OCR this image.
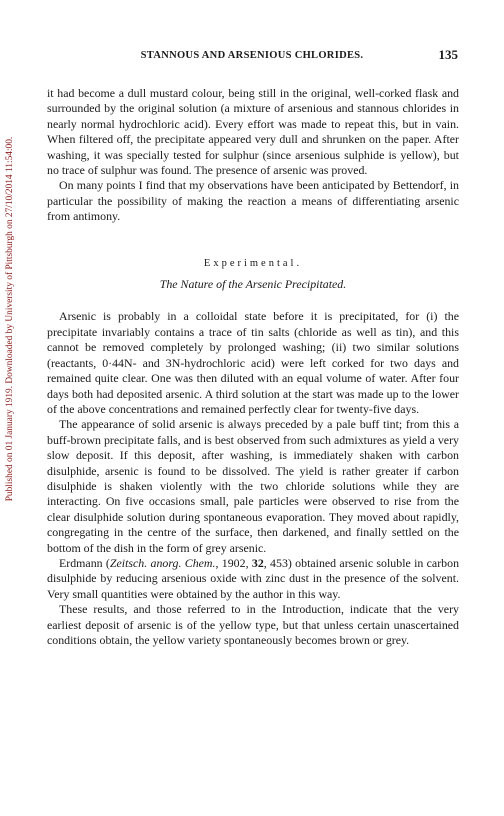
Published on 01 January 1919. Downloaded by University of Pittsburgh on 27/10/2014 11:54:00.
STANNOUS AND ARSENIOUS CHLORIDES.	135

it had become a dull mustard colour, being still in the original, well-corked flask and surrounded by the original solution (a mixture of arsenious and stannous chlorides in nearly normal hydrochloric acid). Every effort was made to repeat this, but in vain. When filtered off, the precipitate appeared very dull and shrunken on the paper. After washing, it was specially tested for sulphur (since arsenious sulphide is yellow), but no trace of sulphur was found. The presence of arsenic was proved.

On many points I find that my observations have been anticipated by Bettendorf, in particular the possibility of making the reaction a means of differentiating arsenic from antimony.

Experimental.
The Nature of the Arsenic Precipitated.

Arsenic is probably in a colloidal state before it is precipitated, for (i) the precipitate invariably contains a trace of tin salts (chloride as well as tin), and this cannot be removed completely by prolonged washing; (ii) two similar solutions (reactants, 0·44N- and 3N-hydrochloric acid) were left corked for two days and remained quite clear. One was then diluted with an equal volume of water. After four days both had deposited arsenic. A third solution at the start was made up to the lower of the above concentrations and remained perfectly clear for twenty-five days.

The appearance of solid arsenic is always preceded by a pale buff tint; from this a buff-brown precipitate falls, and is best observed from such admixtures as yield a very slow deposit. If this deposit, after washing, is immediately shaken with carbon disulphide, arsenic is found to be dissolved. The yield is rather greater if carbon disulphide is shaken violently with the two chloride solutions while they are interacting. On five occasions small, pale particles were observed to rise from the clear disulphide solution during spontaneous evaporation. They moved about rapidly, congregating in the centre of the surface, then darkened, and finally settled on the bottom of the dish in the form of grey arsenic.

Erdmann (Zeitsch. anorg. Chem., 1902, 32, 453) obtained arsenic soluble in carbon disulphide by reducing arsenious oxide with zinc dust in the presence of the solvent. Very small quantities were obtained by the author in this way.

These results, and those referred to in the Introduction, indicate that the very earliest deposit of arsenic is of the yellow type, but that unless certain unascertained conditions obtain, the yellow variety spontaneously becomes brown or grey.
